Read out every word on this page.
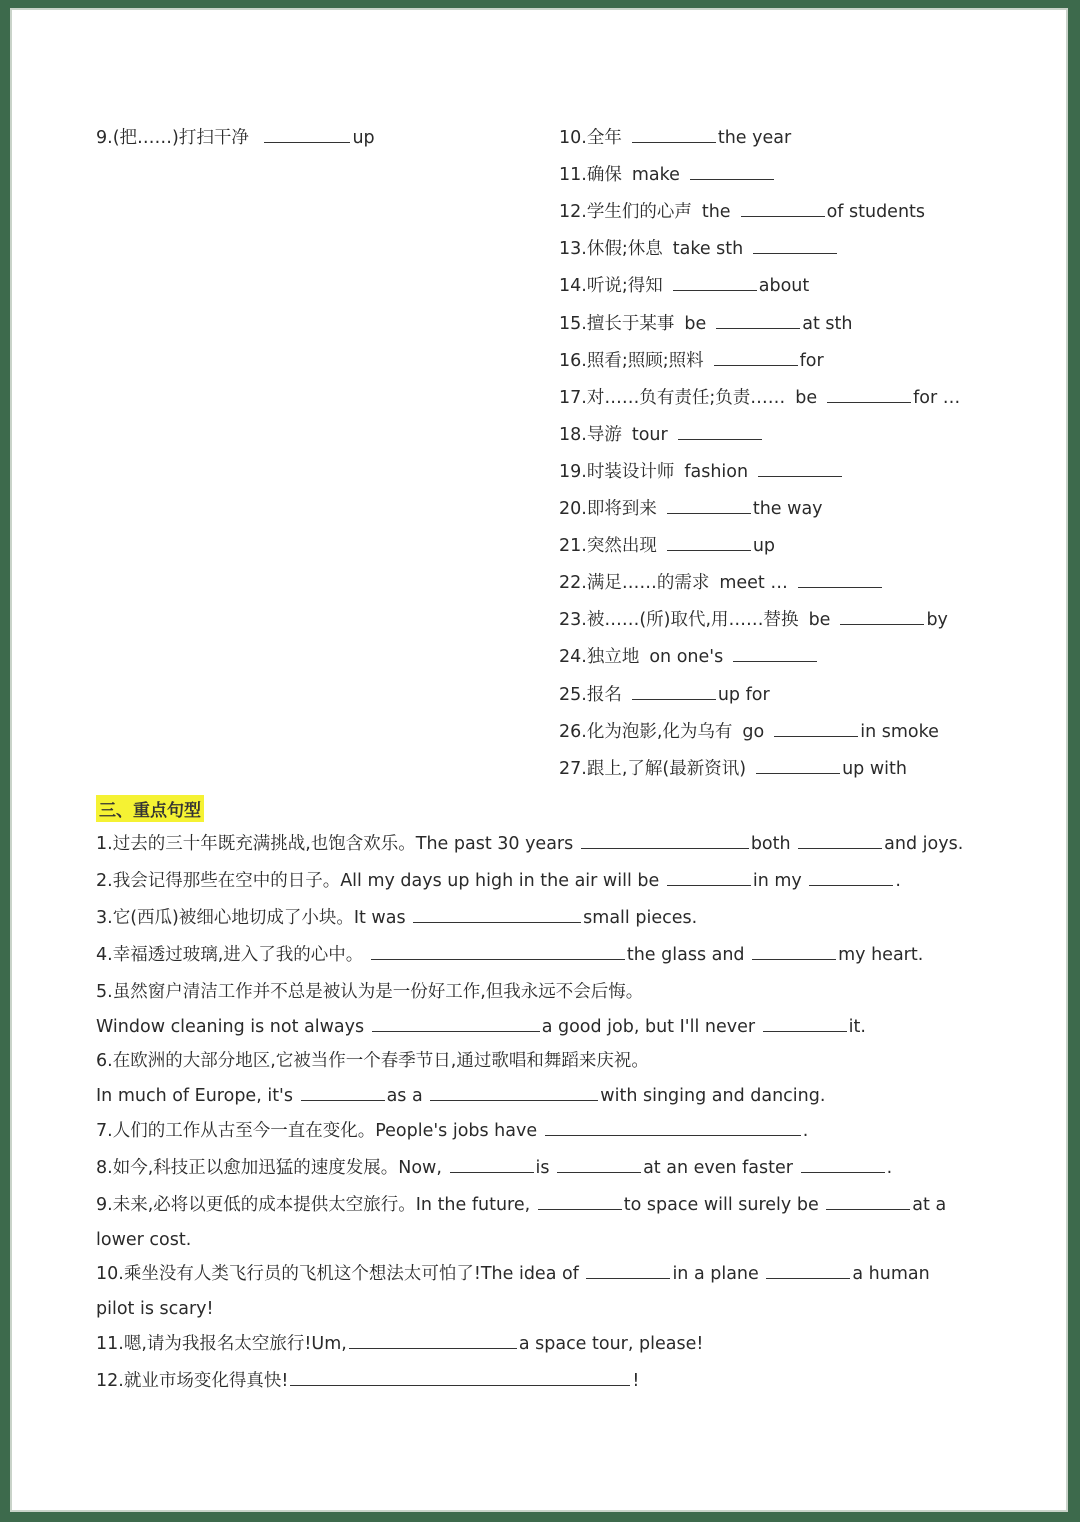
9.(把……)打扫干净	up	10.全年	the year
11.确保 make
12.学生们的心声 the	of students
13.休假;休息 take sth
14.听说;得知	about
15.擅长于某事 be	at sth
16.照看;照顾;照料	for
17.对……负有责任;负责…… be	for …
18.导游 tour
19.时装设计师 fashion
20.即将到来	the way
21.突然出现	up
22.满足……的需求 meet …
23.被……(所)取代,用……替换 be	by
24.独立地 on one's
25.报名	up for
26.化为泡影,化为乌有 go	in smoke
27.跟上,了解(最新资讯)	up with
三、重点句型
1.过去的三十年既充满挑战,也饱含欢乐。The past 30 years	both	and joys.
2.我会记得那些在空中的日子。All my days up high in the air will be	in my	.
3.它(西瓜)被细心地切成了小块。It was	small pieces.
4.幸福透过玻璃,进入了我的心中。	the glass and	my heart.
5.虽然窗户清洁工作并不总是被认为是一份好工作,但我永远不会后悔。
Window cleaning is not always	a good job, but I'll never	it.
6.在欧洲的大部分地区,它被当作一个春季节日,通过歌唱和舞蹈来庆祝。
In much of Europe, it's	as a	with singing and dancing.
7.人们的工作从古至今一直在变化。People's jobs have	.
8.如今,科技正以愈加迅猛的速度发展。Now,	is	at an even faster	.
9.未来,必将以更低的成本提供太空旅行。In the future,	to space will surely be	at a
lower cost.
10.乘坐没有人类飞行员的飞机这个想法太可怕了!The idea of	in a plane	a human
pilot is scary!
11.嗯,请为我报名太空旅行!Um,	a space tour, please!
12.就业市场变化得真快!	!
